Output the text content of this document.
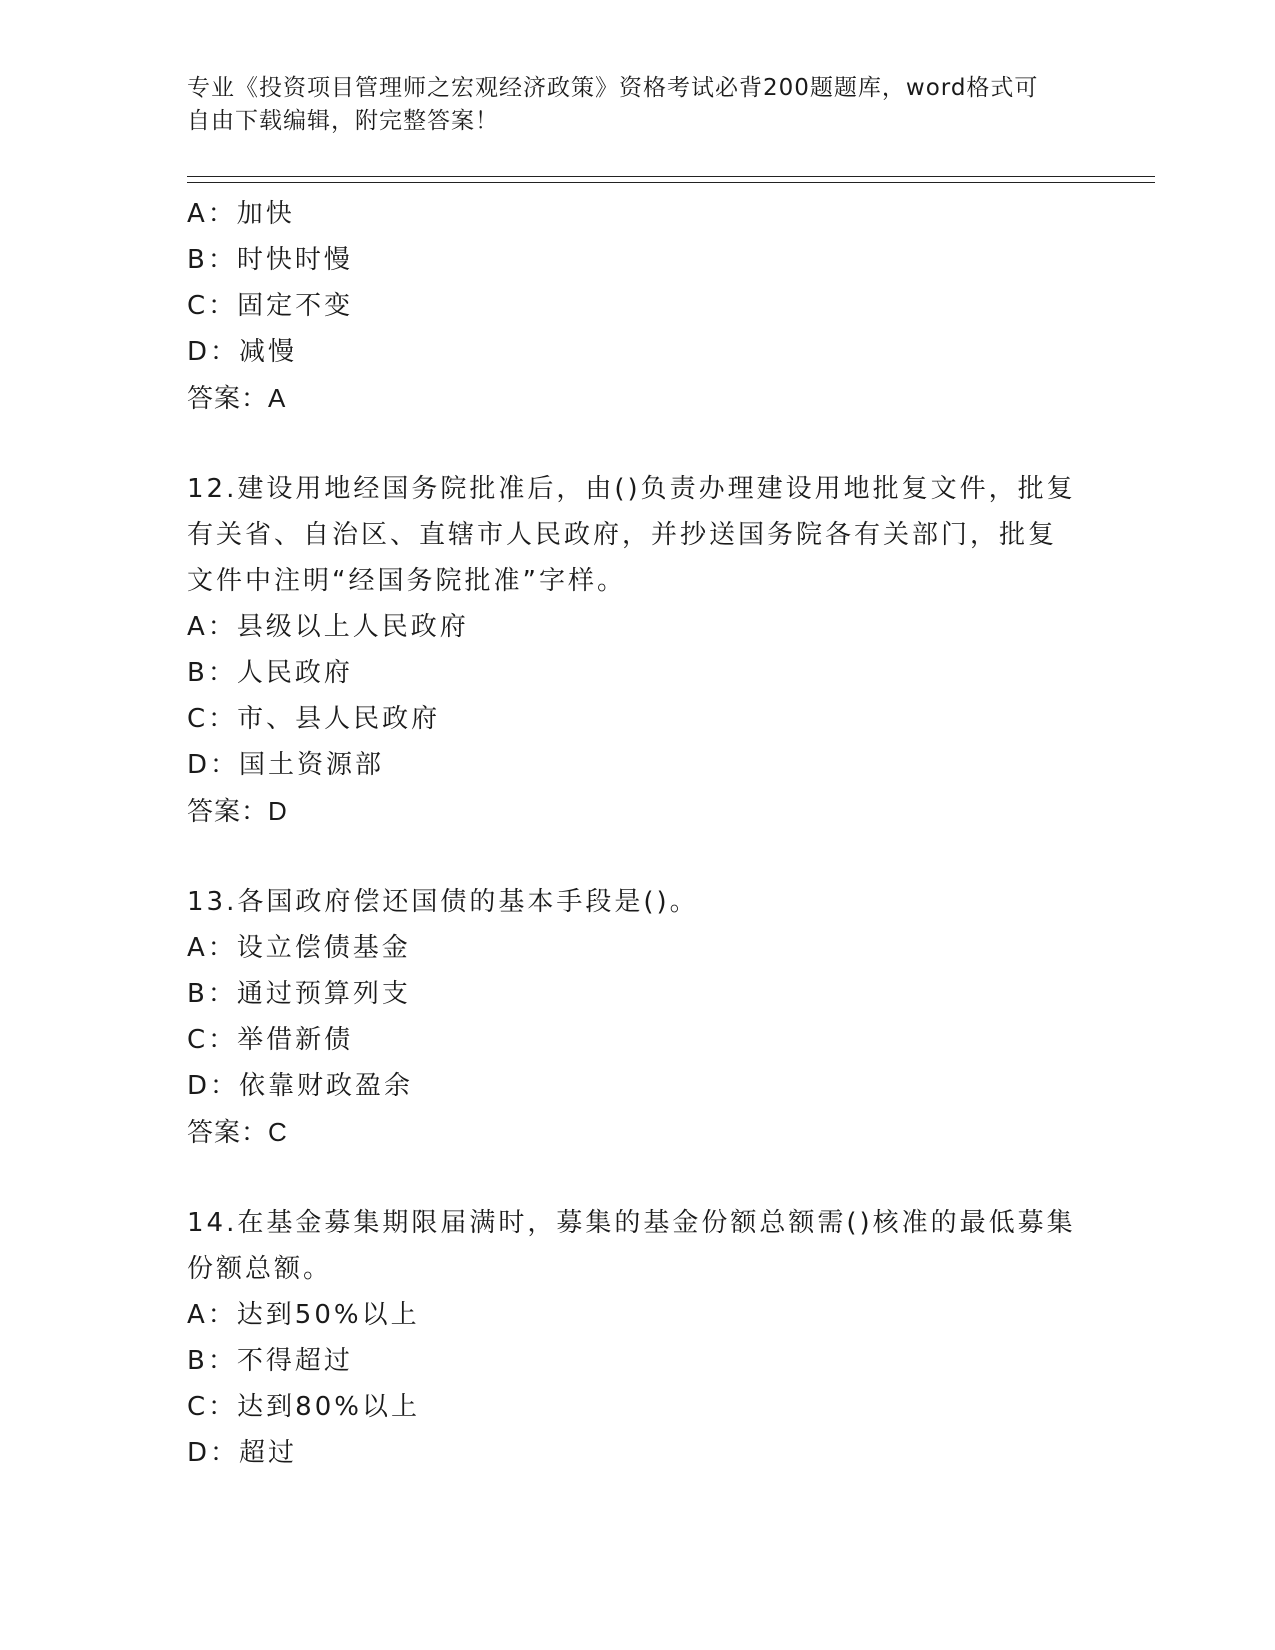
专业《投资项目管理师之宏观经济政策》资格考试必背200题题库，word格式可
自由下载编辑，附完整答案！
A：加快
B：时快时慢
C：固定不变
D：减慢
答案：A
12.建设用地经国务院批准后，由()负责办理建设用地批复文件，批复
有关省、自治区、直辖市人民政府，并抄送国务院各有关部门，批复
文件中注明“经国务院批准”字样。
A：县级以上人民政府
B：人民政府
C：市、县人民政府
D：国土资源部
答案：D
13.各国政府偿还国债的基本手段是()。
A：设立偿债基金
B：通过预算列支
C：举借新债
D：依靠财政盈余
答案：C
14.在基金募集期限届满时，募集的基金份额总额需()核准的最低募集
份额总额。
A：达到50%以上
B：不得超过
C：达到80%以上
D：超过
